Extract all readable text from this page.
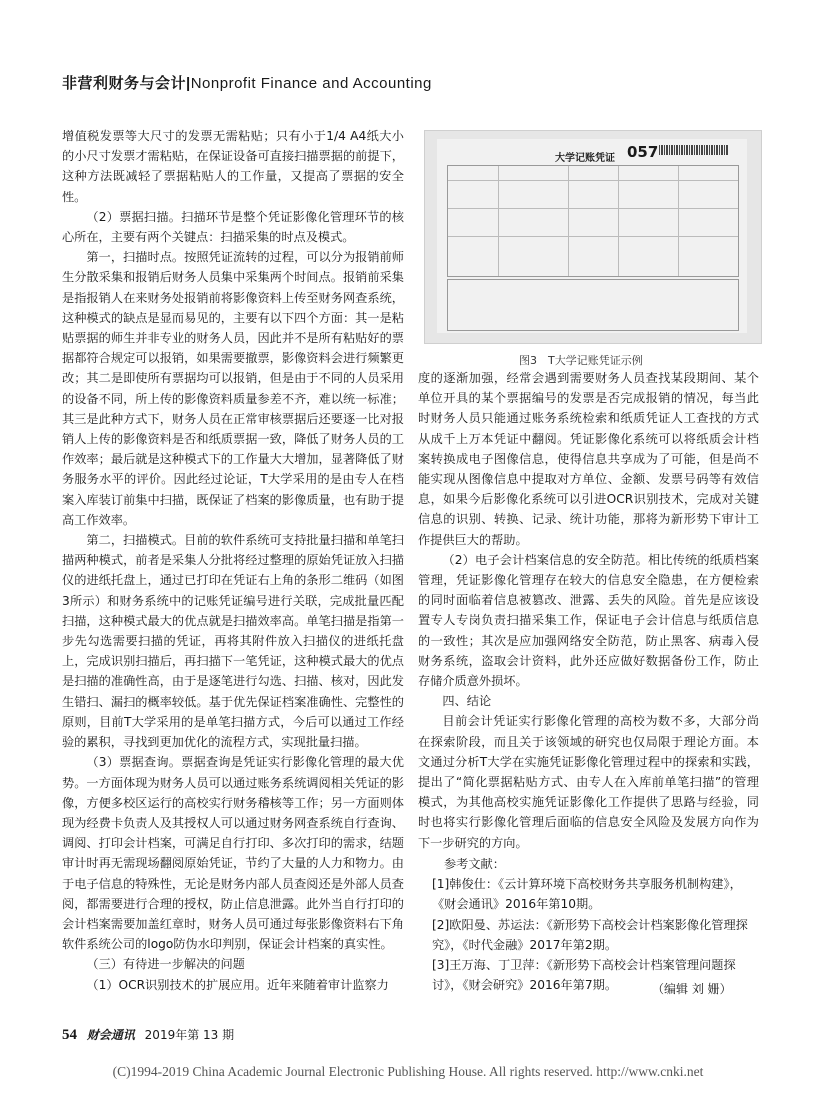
非营利财务与会计|Nonprofit Finance and Accounting

增值税发票等大尺寸的发票无需粘贴；只有小于1/4 A4纸大小的小尺寸发票才需粘贴，在保证设备可直接扫描票据的前提下，这种方法既减轻了票据粘贴人的工作量，又提高了票据的安全性。

（2）票据扫描。扫描环节是整个凭证影像化管理环节的核心所在，主要有两个关键点：扫描采集的时点及模式。

第一，扫描时点。按照凭证流转的过程，可以分为报销前师生分散采集和报销后财务人员集中采集两个时间点。报销前采集是指报销人在来财务处报销前将影像资料上传至财务网查系统，这种模式的缺点是显而易见的，主要有以下四个方面：其一是粘贴票据的师生并非专业的财务人员，因此并不是所有粘贴好的票据都符合规定可以报销，如果需要撤票，影像资料会进行频繁更改；其二是即使所有票据均可以报销，但是由于不同的人员采用的设备不同，所上传的影像资料质量参差不齐，难以统一标准；其三是此种方式下，财务人员在正常审核票据后还要逐一比对报销人上传的影像资料是否和纸质票据一致，降低了财务人员的工作效率；最后就是这种模式下的工作量大大增加，显著降低了财务服务水平的评价。因此经过论证，T大学采用的是由专人在档案入库装订前集中扫描，既保证了档案的影像质量，也有助于提高工作效率。

第二，扫描模式。目前的软件系统可支持批量扫描和单笔扫描两种模式，前者是采集人分批将经过整理的原始凭证放入扫描仪的进纸托盘上，通过已打印在凭证右上角的条形二维码（如图3所示）和财务系统中的记账凭证编号进行关联，完成批量匹配扫描，这种模式最大的优点就是扫描效率高。单笔扫描是指第一步先勾选需要扫描的凭证，再将其附件放入扫描仪的进纸托盘上，完成识别扫描后，再扫描下一笔凭证，这种模式最大的优点是扫描的准确性高，由于是逐笔进行勾选、扫描、核对，因此发生错扫、漏扫的概率较低。基于优先保证档案准确性、完整性的原则，目前T大学采用的是单笔扫描方式，今后可以通过工作经验的累积，寻找到更加优化的流程方式，实现批量扫描。

（3）票据查询。票据查询是凭证实行影像化管理的最大优势。一方面体现为财务人员可以通过账务系统调阅相关凭证的影像，方便多校区运行的高校实行财务稽核等工作；另一方面则体现为经费卡负责人及其授权人可以通过财务网查系统自行查询、调阅、打印会计档案，可满足自行打印、多次打印的需求，结题审计时再无需现场翻阅原始凭证，节约了大量的人力和物力。由于电子信息的特殊性，无论是财务内部人员查阅还是外部人员查阅，都需要进行合理的授权，防止信息泄露。此外当自行打印的会计档案需要加盖红章时，财务人员可通过每张影像资料右下角软件系统公司的logo防伪水印判别，保证会计档案的真实性。

（三）有待进一步解决的问题

（1）OCR识别技术的扩展应用。近年来随着审计监察力

大学记账凭证 057
图3　T大学记账凭证示例

度的逐渐加强，经常会遇到需要财务人员查找某段期间、某个单位开具的某个票据编号的发票是否完成报销的情况，每当此时财务人员只能通过账务系统检索和纸质凭证人工查找的方式从成千上万本凭证中翻阅。凭证影像化系统可以将纸质会计档案转换成电子图像信息，使得信息共享成为了可能，但是尚不能实现从图像信息中提取对方单位、金额、发票号码等有效信息，如果今后影像化系统可以引进OCR识别技术，完成对关键信息的识别、转换、记录、统计功能，那将为新形势下审计工作提供巨大的帮助。

（2）电子会计档案信息的安全防范。相比传统的纸质档案管理，凭证影像化管理存在较大的信息安全隐患，在方便检索的同时面临着信息被篡改、泄露、丢失的风险。首先是应该设置专人专岗负责扫描采集工作，保证电子会计信息与纸质信息的一致性；其次是应加强网络安全防范，防止黑客、病毒入侵财务系统，盗取会计资料，此外还应做好数据备份工作，防止存储介质意外损坏。

四、结论

目前会计凭证实行影像化管理的高校为数不多，大部分尚在探索阶段，而且关于该领域的研究也仅局限于理论方面。本文通过分析T大学在实施凭证影像化管理过程中的探索和实践，提出了“简化票据粘贴方式、由专人在入库前单笔扫描”的管理模式，为其他高校实施凭证影像化工作提供了思路与经验，同时也将实行影像化管理后面临的信息安全风险及发展方向作为下一步研究的方向。

参考文献：
[1]韩俊仕：《云计算环境下高校财务共享服务机制构建》，《财会通讯》2016年第10期。
[2]欧阳曼、苏运法：《新形势下高校会计档案影像化管理探究》，《时代金融》2017年第2期。
[3]王万海、丁卫萍：《新形势下高校会计档案管理问题探讨》，《财会研究》2016年第7期。	（编辑 刘 姗）
54 财会通讯 2019年第 13 期
(C)1994-2019 China Academic Journal Electronic Publishing House. All rights reserved. http://www.cnki.net
